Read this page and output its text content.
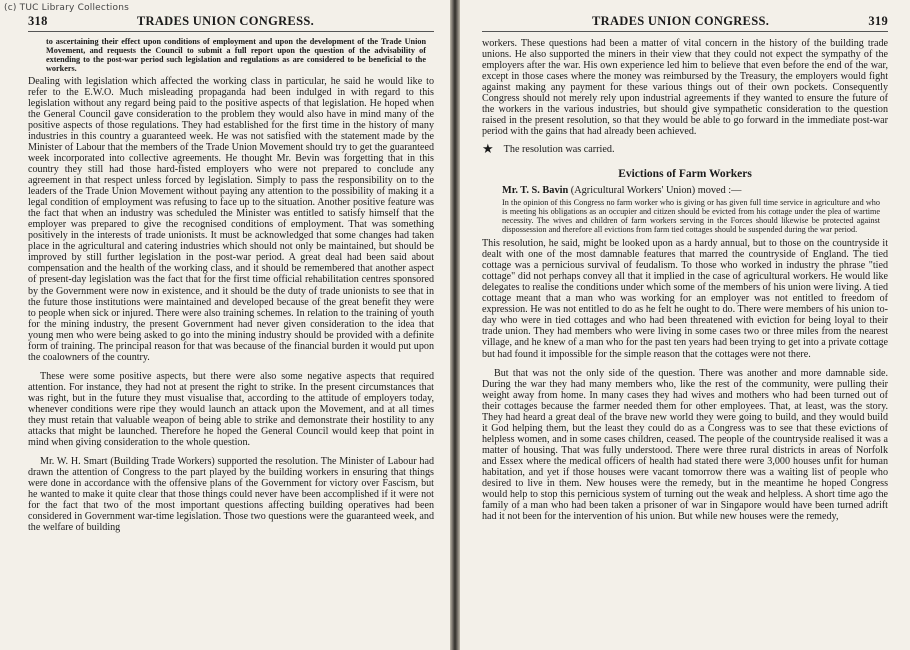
(c) TUC Library Collections
318	TRADES UNION CONGRESS.

to ascertaining their effect upon conditions of employment and upon the development of the Trade Union Movement, and requests the Council to submit a full report upon the question of the advisability of extending to the post-war period such legislation and regulations as are considered to be beneficial to the workers.

Dealing with legislation which affected the working class in particular, he said he would like to refer to the E.W.O. Much misleading propaganda had been indulged in with regard to this legislation without any regard being paid to the positive aspects of that legislation. He hoped when the General Council gave consideration to the problem they would also have in mind many of the positive aspects of those regulations. They had established for the first time in the history of many industries in this country a guaranteed week. He was not satisfied with the statement made by the Minister of Labour that the members of the Trade Union Movement should try to get the guaranteed week incorporated into collective agreements. He thought Mr. Bevin was forgetting that in this country they still had those hard-fisted employers who were not prepared to conclude any agreement in that respect unless forced by legislation. Simply to pass the responsibility on to the leaders of the Trade Union Movement without paying any attention to the possibility of making it a legal condition of employment was refusing to face up to the situation. Another positive feature was the fact that when an industry was scheduled the Minister was entitled to satisfy himself that the employer was prepared to give the recognised conditions of employment. That was something positively in the interests of trade unionists. It must be acknowledged that some changes had taken place in the agricultural and catering industries which should not only be maintained, but should be improved by still further legislation in the post-war period. A great deal had been said about compensation and the health of the working class, and it should be remembered that another aspect of present-day legislation was the fact that for the first time official rehabilitation centres sponsored by the Government were now in existence, and it should be the duty of trade unionists to see that in the future those institutions were maintained and developed because of the great benefit they were to people when sick or injured. There were also training schemes. In relation to the training of youth for the mining industry, the present Government had never given consideration to the idea that young men who were being asked to go into the mining industry should be provided with a definite form of training. The principal reason for that was because of the financial burden it would put upon the coalowners of the country.

These were some positive aspects, but there were also some negative aspects that required attention. For instance, they had not at present the right to strike. In the present circumstances that was right, but in the future they must visualise that, according to the attitude of employers today, whenever conditions were ripe they would launch an attack upon the Movement, and at all times they must retain that valuable weapon of being able to strike and demonstrate their hostility to any attacks that might be launched. Therefore he hoped the General Council would keep that point in mind when giving consideration to the whole question.

Mr. W. H. Smart (Building Trade Workers) supported the resolution. The Minister of Labour had drawn the attention of Congress to the part played by the building workers in ensuring that things were done in accordance with the offensive plans of the Government for victory over Fascism, but he wanted to make it quite clear that those things could never have been accomplished if it were not for the fact that two of the most important questions affecting building operatives had been considered in Government war-time legislation. Those two questions were the guaranteed week, and the welfare of building

TRADES UNION CONGRESS.	319

workers. These questions had been a matter of vital concern in the history of the building trade unions. He also supported the miners in their view that they could not expect the sympathy of the employers after the war. His own experience led him to believe that even before the end of the war, except in those cases where the money was reimbursed by the Treasury, the employers would fight against making any payment for these various things out of their own pockets. Consequently Congress should not merely rely upon industrial agreements if they wanted to ensure the future of the workers in the various industries, but should give sympathetic consideration to the question raised in the present resolution, so that they would be able to go forward in the immediate post-war period with the gains that had already been achieved.

★ The resolution was carried.
Evictions of Farm Workers
Mr. T. S. Bavin (Agricultural Workers' Union) moved :—

In the opinion of this Congress no farm worker who is giving or has given full time service in agriculture and who is meeting his obligations as an occupier and citizen should be evicted from his cottage under the plea of wartime necessity. The wives and children of farm workers serving in the Forces should likewise be protected against dispossession and therefore all evictions from farm tied cottages should be suspended during the war period.

This resolution, he said, might be looked upon as a hardy annual, but to those on the countryside it dealt with one of the most damnable features that marred the countryside of England. The tied cottage was a pernicious survival of feudalism. To those who worked in industry the phrase "tied cottage" did not perhaps convey all that it implied in the case of agricultural workers. He would like delegates to realise the conditions under which some of the members of his union were living. A tied cottage meant that a man who was working for an employer was not entitled to freedom of expression. He was not entitled to do as he felt he ought to do. There were members of his union to-day who were in tied cottages and who had been threatened with eviction for being loyal to their trade union. They had members who were living in some cases two or three miles from the nearest village, and he knew of a man who for the past ten years had been trying to get into a private cottage but had found it impossible for the simple reason that the cottages were not there.

But that was not the only side of the question. There was another and more damnable side. During the war they had many members who, like the rest of the community, were pulling their weight away from home. In many cases they had wives and mothers who had been turned out of their cottages because the farmer needed them for other employees. That, at least, was the story. They had heard a great deal of the brave new world they were going to build, and they would build it God helping them, but the least they could do as a Congress was to see that these evictions of helpless women, and in some cases children, ceased. The people of the countryside realised it was a matter of housing. That was fully understood. There were three rural districts in areas of Norfolk and Essex where the medical officers of health had stated there were 3,000 houses unfit for human habitation, and yet if those houses were vacant tomorrow there was a waiting list of people who desired to live in them. New houses were the remedy, but in the meantime he hoped Congress would help to stop this pernicious system of turning out the weak and helpless. A short time ago the family of a man who had been taken a prisoner of war in Singapore would have been turned adrift had it not been for the intervention of his union. But while new houses were the remedy,
